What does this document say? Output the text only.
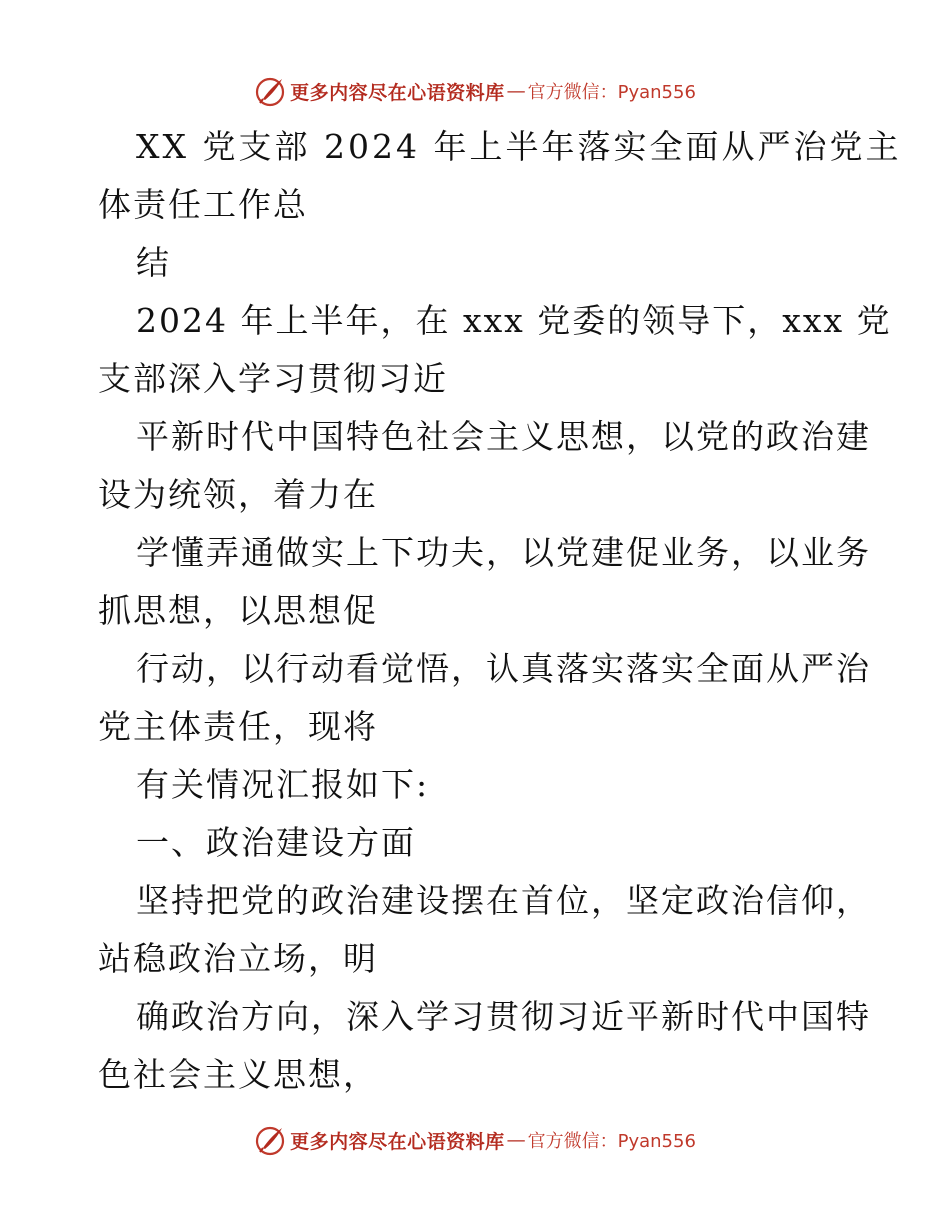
更多内容尽在心语资料库 — 官方微信：Pyan556
XX 党支部 2024 年上半年落实全面从严治党主
体责任工作总
结
2024 年上半年，在 xxx 党委的领导下，xxx 党
支部深入学习贯彻习近
平新时代中国特色社会主义思想，以党的政治建
设为统领，着力在
学懂弄通做实上下功夫，以党建促业务，以业务
抓思想，以思想促
行动，以行动看觉悟，认真落实落实全面从严治
党主体责任，现将
有关情况汇报如下:
一、政治建设方面
坚持把党的政治建设摆在首位，坚定政治信仰，
站稳政治立场，明
确政治方向，深入学习贯彻习近平新时代中国特
色社会主义思想，
更多内容尽在心语资料库 — 官方微信：Pyan556
